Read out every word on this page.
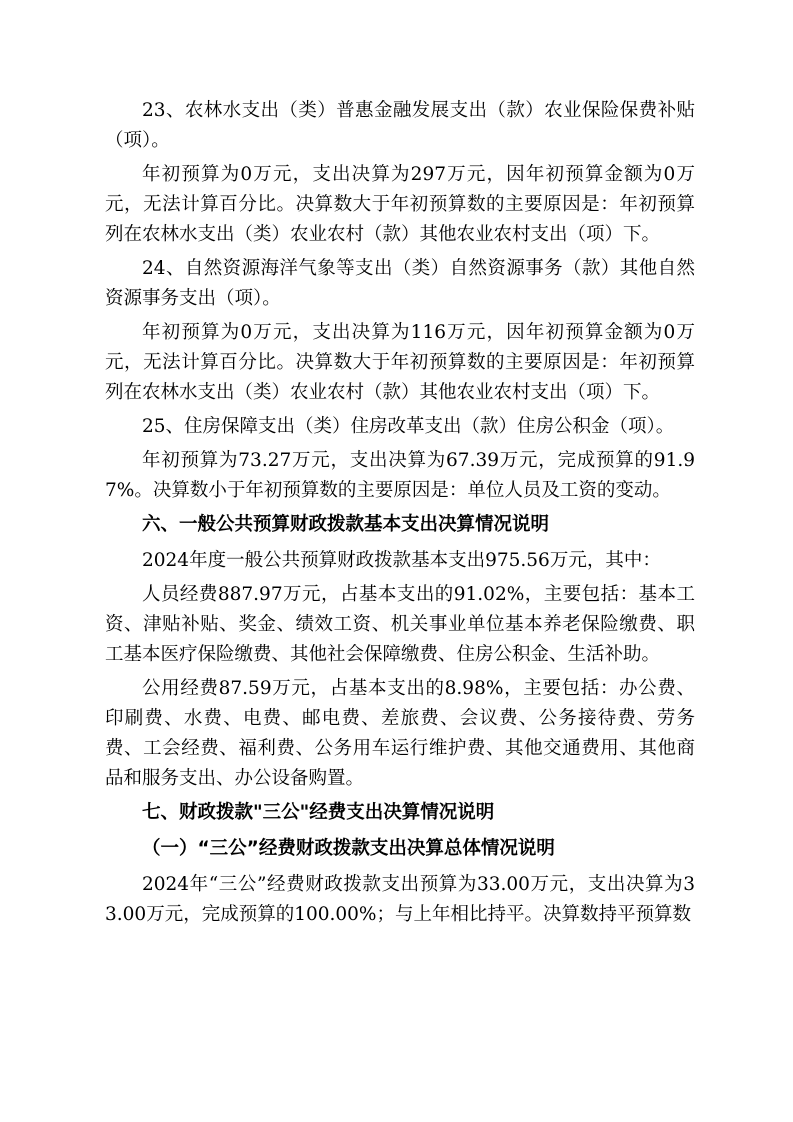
23、农林水支出（类）普惠金融发展支出（款）农业保险保费补贴（项）。

年初预算为0万元，支出决算为297万元，因年初预算金额为0万元，无法计算百分比。决算数大于年初预算数的主要原因是：年初预算列在农林水支出（类）农业农村（款）其他农业农村支出（项）下。

24、自然资源海洋气象等支出（类）自然资源事务（款）其他自然资源事务支出（项）。

年初预算为0万元，支出决算为116万元，因年初预算金额为0万元，无法计算百分比。决算数大于年初预算数的主要原因是：年初预算列在农林水支出（类）农业农村（款）其他农业农村支出（项）下。

25、住房保障支出（类）住房改革支出（款）住房公积金（项）。

年初预算为73.27万元，支出决算为67.39万元，完成预算的91.97%。决算数小于年初预算数的主要原因是：单位人员及工资的变动。

六、一般公共预算财政拨款基本支出决算情况说明

2024年度一般公共预算财政拨款基本支出975.56万元，其中：

人员经费887.97万元，占基本支出的91.02%，主要包括：基本工资、津贴补贴、奖金、绩效工资、机关事业单位基本养老保险缴费、职工基本医疗保险缴费、其他社会保障缴费、住房公积金、生活补助。

公用经费87.59万元，占基本支出的8.98%，主要包括：办公费、印刷费、水费、电费、邮电费、差旅费、会议费、公务接待费、劳务费、工会经费、福利费、公务用车运行维护费、其他交通费用、其他商品和服务支出、办公设备购置。

七、财政拨款"三公"经费支出决算情况说明

（一）“三公”经费财政拨款支出决算总体情况说明

2024年“三公”经费财政拨款支出预算为33.00万元，支出决算为33.00万元，完成预算的100.00%；与上年相比持平。决算数持平预算数
